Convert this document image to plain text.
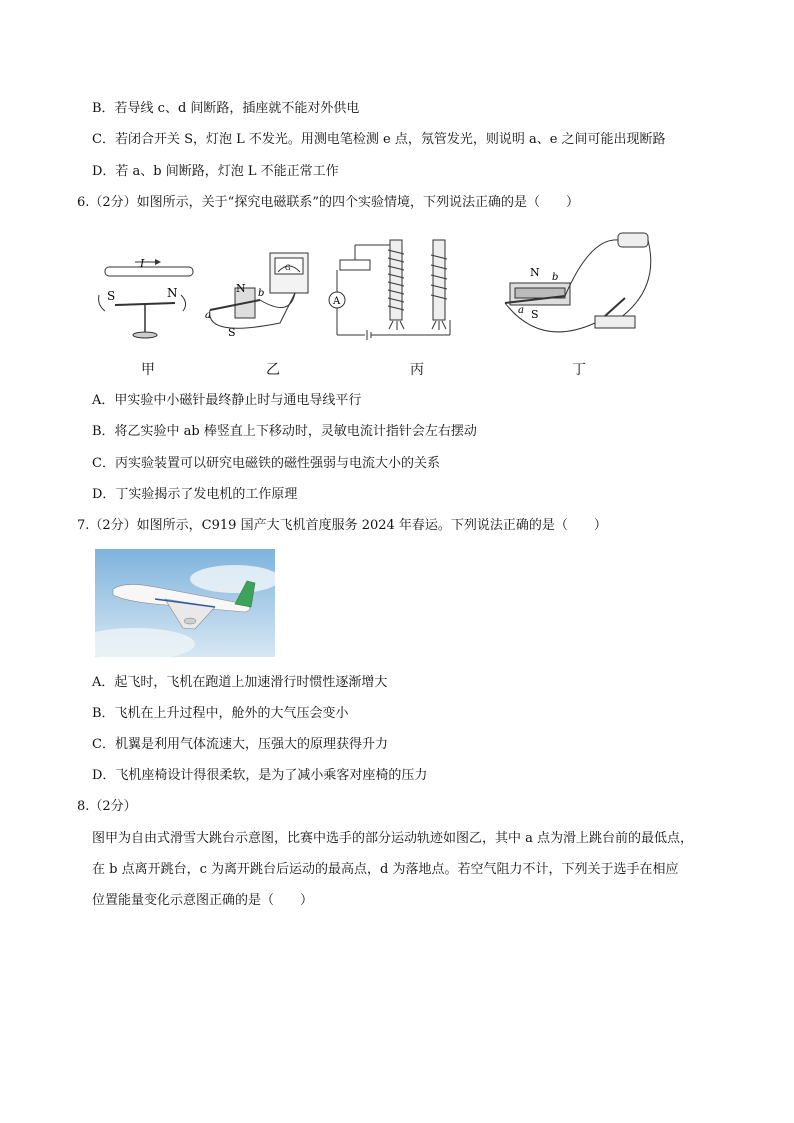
B．若导线 c、d 间断路，插座就不能对外供电
C．若闭合开关 S，灯泡 L 不发光。用测电笔检测 e 点，氖管发光，则说明 a、e 之间可能出现断路
D．若 a、b 间断路，灯泡 L 不能正常工作
6.（2分）如图所示，关于“探究电磁联系”的四个实验情境，下列说法正确的是（　　）
I
S	N
G
N
S
a
b
A
N
S
a
b
甲	乙	丙	丁
A．甲实验中小磁针最终静止时与通电导线平行
B．将乙实验中 ab 棒竖直上下移动时，灵敏电流计指针会左右摆动
C．丙实验装置可以研究电磁铁的磁性强弱与电流大小的关系
D．丁实验揭示了发电机的工作原理
7.（2分）如图所示，C919 国产大飞机首度服务 2024 年春运。下列说法正确的是（　　）
A．起飞时，飞机在跑道上加速滑行时惯性逐渐增大
B．飞机在上升过程中，舱外的大气压会变小
C．机翼是利用气体流速大，压强大的原理获得升力
D．飞机座椅设计得很柔软，是为了减小乘客对座椅的压力
8.（2分）
图甲为自由式滑雪大跳台示意图，比赛中选手的部分运动轨迹如图乙，其中 a 点为滑上跳台前的最低点，
在 b 点离开跳台，c 为离开跳台后运动的最高点，d 为落地点。若空气阻力不计，下列关于选手在相应
位置能量变化示意图正确的是（　　）
